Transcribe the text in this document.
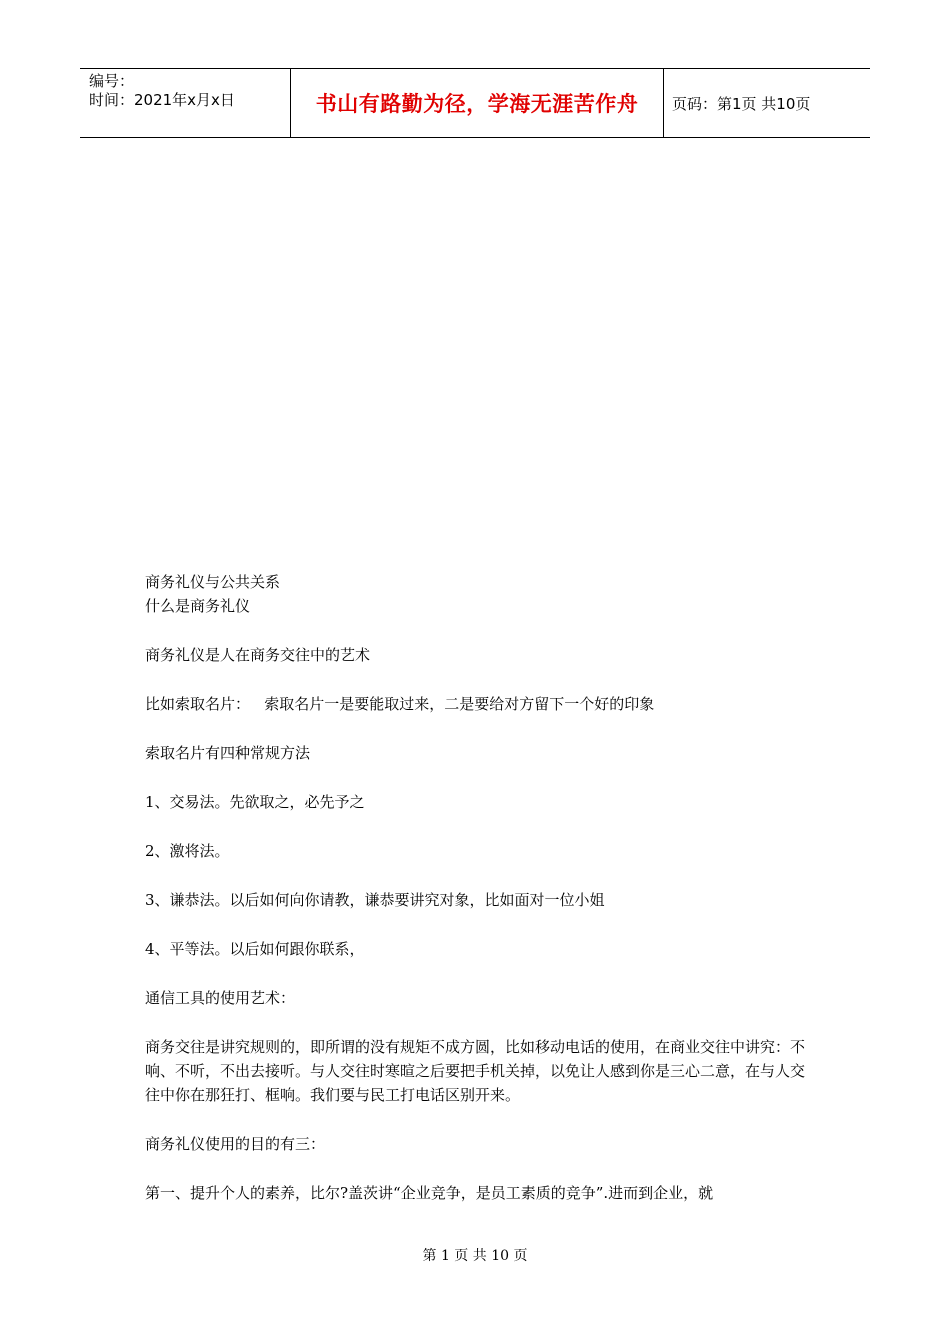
编号：
时间：2021年x月x日	书山有路勤为径，学海无涯苦作舟	页码：第1页 共10页

商务礼仪与公共关系

什么是商务礼仪

商务礼仪是人在商务交往中的艺术

比如索取名片：   索取名片一是要能取过来，二是要给对方留下一个好的印象

索取名片有四种常规方法

1、交易法。先欲取之，必先予之

2、激将法。

3、谦恭法。以后如何向你请教，谦恭要讲究对象，比如面对一位小姐

4、平等法。以后如何跟你联系，

通信工具的使用艺术：

商务交往是讲究规则的，即所谓的没有规矩不成方圆，比如移动电话的使用，在商业交往中讲究：不响、不听，不出去接听。与人交往时寒暄之后要把手机关掉，以免让人感到你是三心二意，在与人交往中你在那狂打、框响。我们要与民工打电话区别开来。

商务礼仪使用的目的有三：

第一、提升个人的素养，比尔?盖茨讲“企业竞争，是员工素质的竞争”.进而到企业，就

第 1 页 共 10 页
